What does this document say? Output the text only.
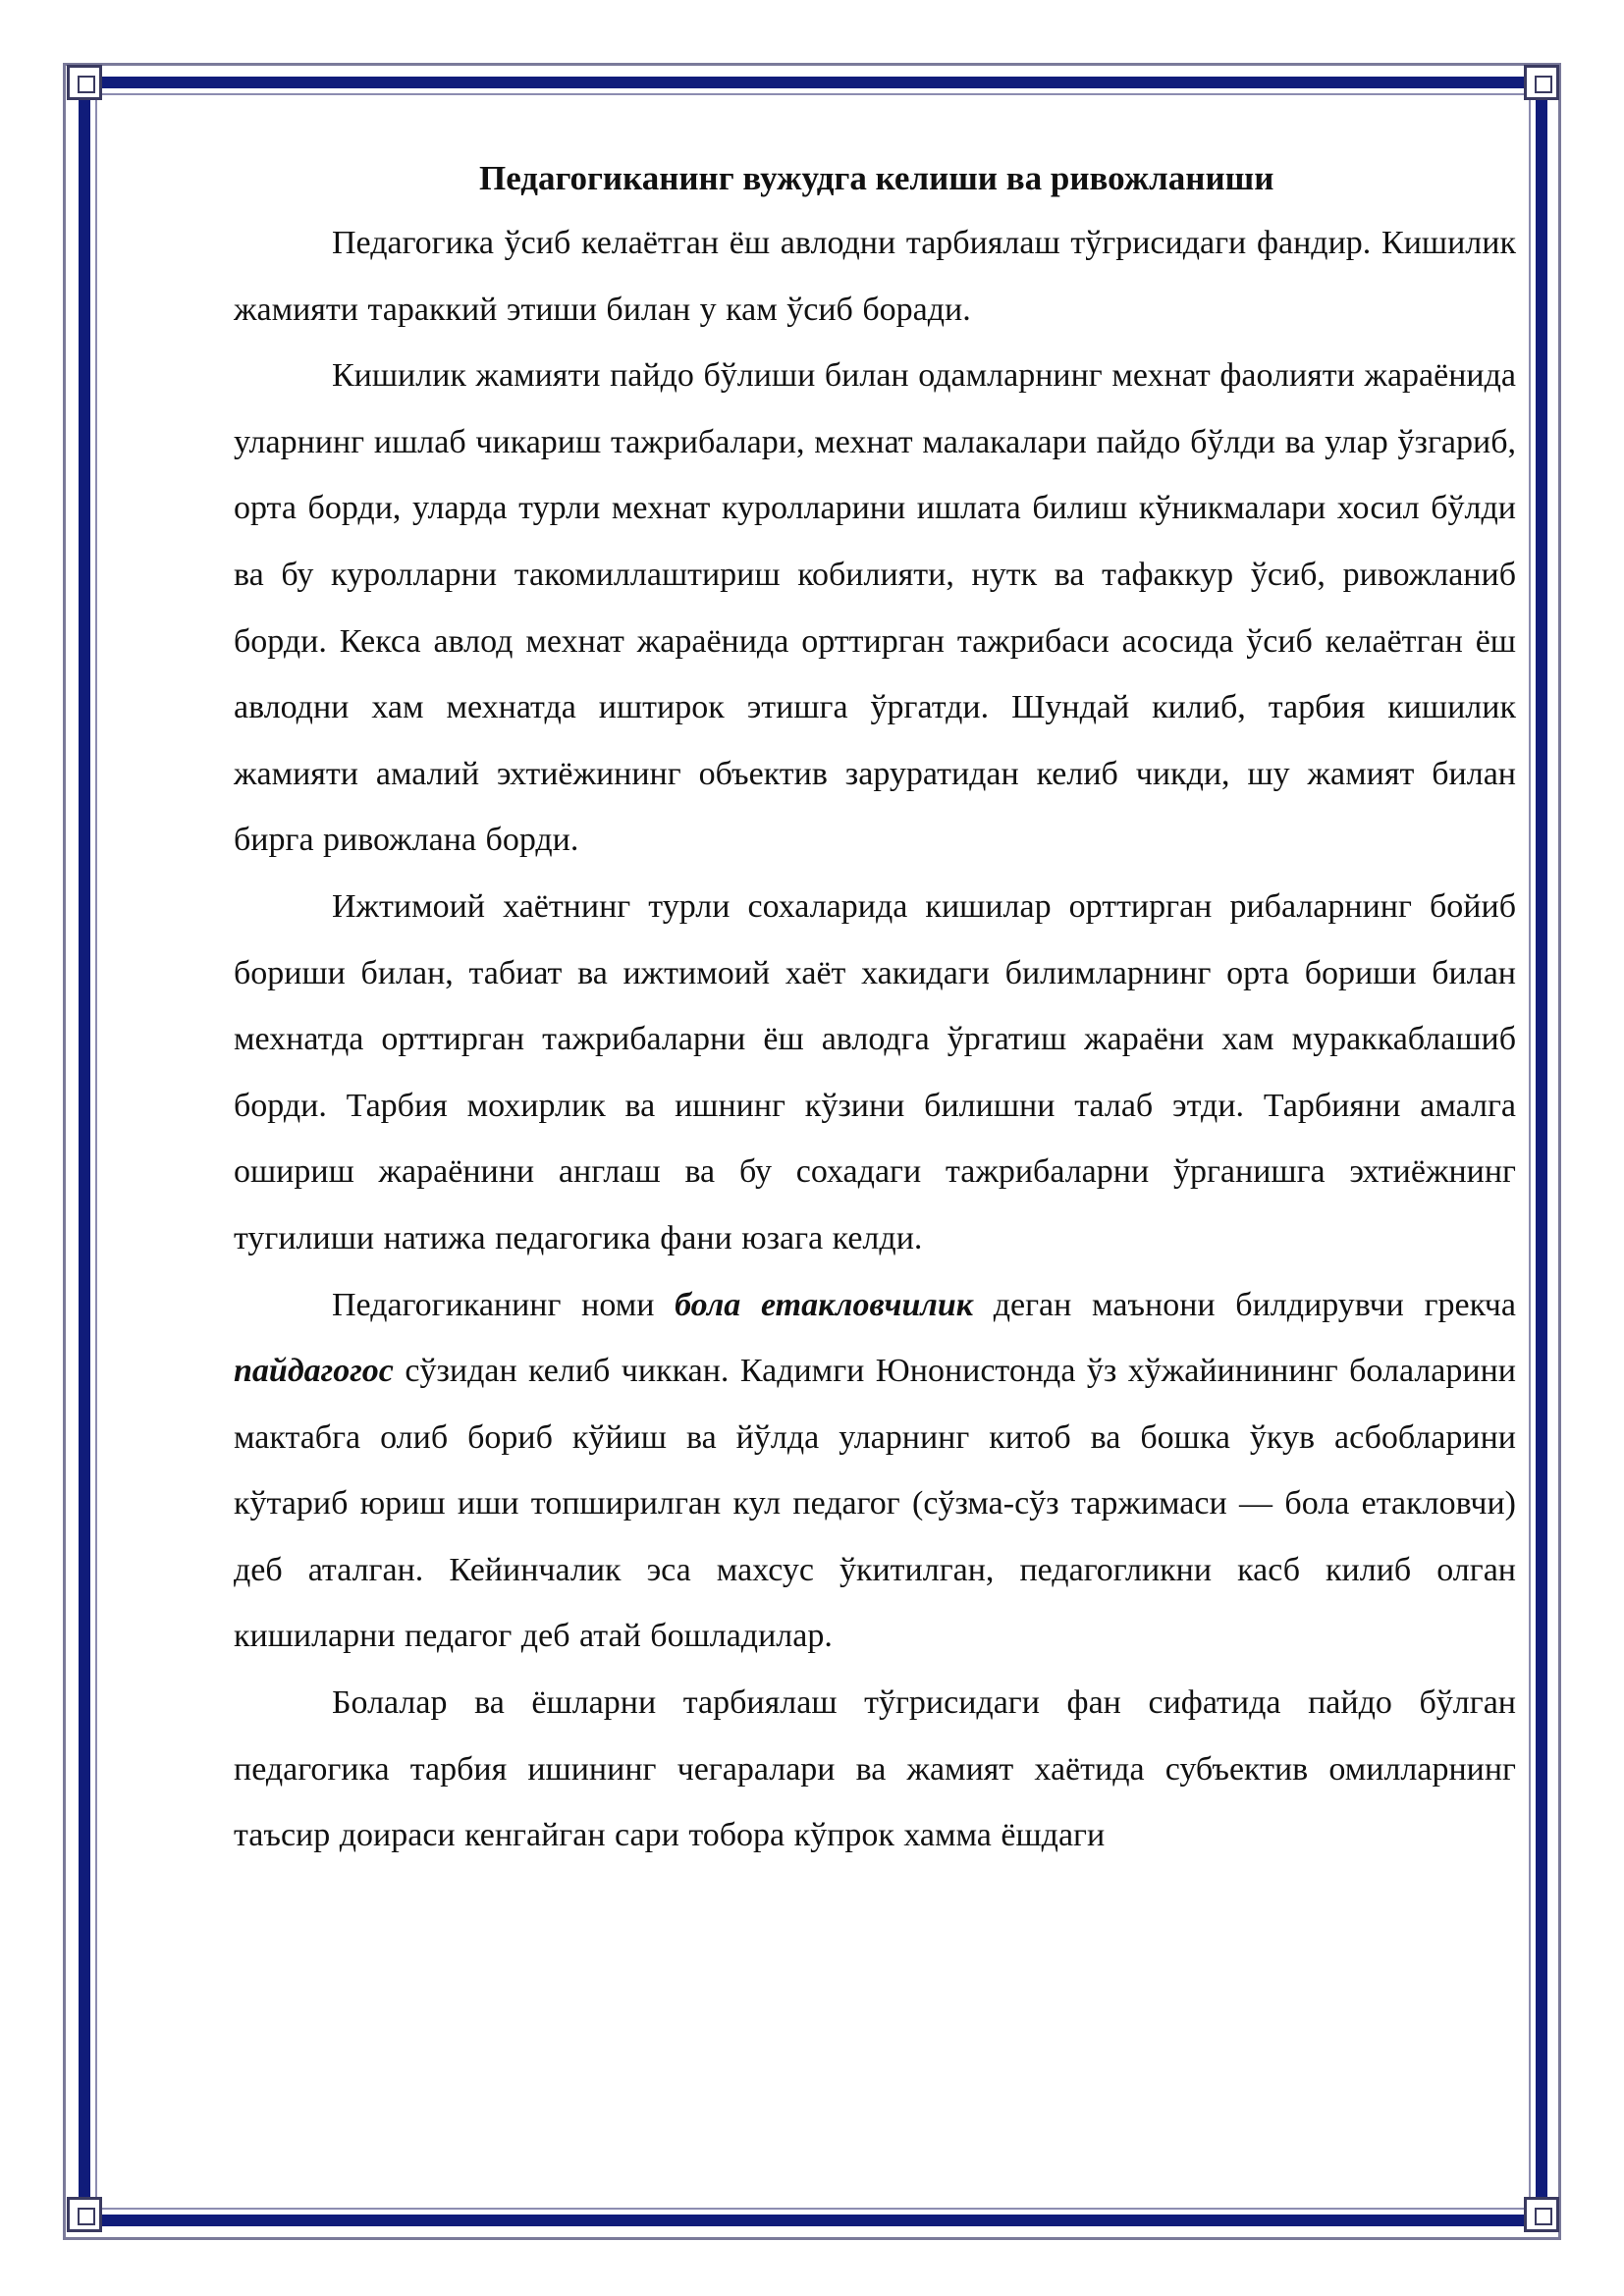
Педагогиканинг вужудга келиши ва ривожланиши

Педагогика ўсиб келаётган ёш авлодни тарбиялаш тўгрисидаги фандир. Кишилик жамияти тараккий этиши билан у кам ўсиб боради.

Кишилик жамияти пайдо бўлиши билан одамларнинг мехнат фаолияти жараёнида уларнинг ишлаб чикариш тажрибалари, мехнат малакалари пайдо бўлди ва улар ўзгариб, орта борди, уларда турли мехнат куролларини ишлата билиш кўникмалари хосил бўлди ва бу куролларни такомиллаштириш кобилияти, нутк ва тафаккур ўсиб, ривожланиб борди. Кекса авлод мехнат жараёнида орттирган тажрибаси асосида ўсиб келаётган ёш авлодни хам мехнатда иштирок этишга ўргатди. Шундай килиб, тарбия кишилик жамияти амалий эхтиёжининг объектив заруратидан келиб чикди, шу жамият билан бирга ривожлана борди.

Ижтимоий хаётнинг турли сохаларида кишилар орттирган рибаларнинг бойиб бориши билан, табиат ва ижтимоий хаёт хакидаги билимларнинг орта бориши билан мехнатда орттирган тажрибаларни ёш авлодга ўргатиш жараёни хам мураккаблашиб борди. Тарбия мохирлик ва ишнинг кўзини билишни талаб этди. Тарбияни амалга ошириш жараёнини англаш ва бу сохадаги тажрибаларни ўрганишга эхтиёжнинг тугилиши натижа педагогика фани юзага келди.

Педагогиканинг номи бола етакловчилик деган маънони билдирувчи грекча пайдагогос сўзидан келиб чиккан. Кадимги Юнонистонда ўз хўжайинининг болаларини мактабга олиб бориб кўйиш ва йўлда уларнинг китоб ва бошка ўкув асбобларини кўтариб юриш иши топширилган кул педагог (сўзма-сўз таржимаси — бола етакловчи) деб аталган. Кейинчалик эса махсус ўкитилган, педагогликни касб килиб олган кишиларни педагог деб атай бошладилар.

Болалар ва ёшларни тарбиялаш тўгрисидаги фан сифатида пайдо бўлган педагогика тарбия ишининг чегаралари ва жамият хаётида субъектив омилларнинг таъсир доираси кенгайган сари тобора кўпрок хамма ёшдаги
